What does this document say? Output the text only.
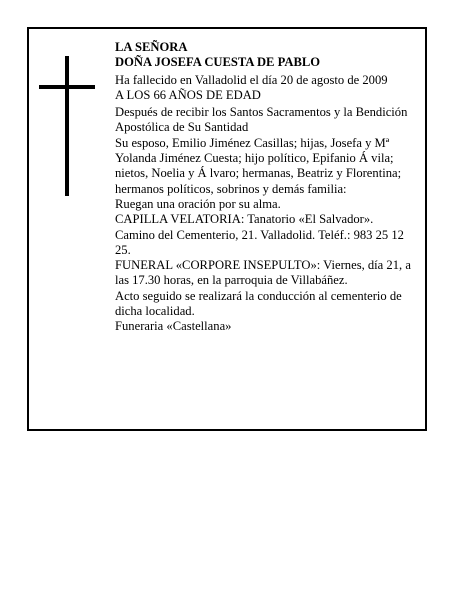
LA SEÑORA

DOÑA JOSEFA CUESTA DE PABLO

Ha fallecido en Valladolid el día 20 de agosto de 2009

A LOS 66 AÑOS DE EDAD

Después de recibir los Santos Sacramentos y la Bendición Apostólica de Su Santidad

Su esposo, Emilio Jiménez Casillas; hijas, Josefa y Mª Yolanda Jiménez Cuesta; hijo político, Epifanio Á vila; nietos, Noelia y Á lvaro; hermanas, Beatriz y Florentina; hermanos políticos, sobrinos y demás familia:

Ruegan una oración por su alma.

CAPILLA VELATORIA: Tanatorio «El Salvador». Camino del Cementerio, 21. Valladolid. Teléf.: 983 25 12 25.

FUNERAL «CORPORE INSEPULTO»: Viernes, día 21, a las 17.30 horas, en la parroquia de Villabáñez.

Acto seguido se realizará la conducción al cementerio de dicha localidad.

Funeraria «Castellana»
